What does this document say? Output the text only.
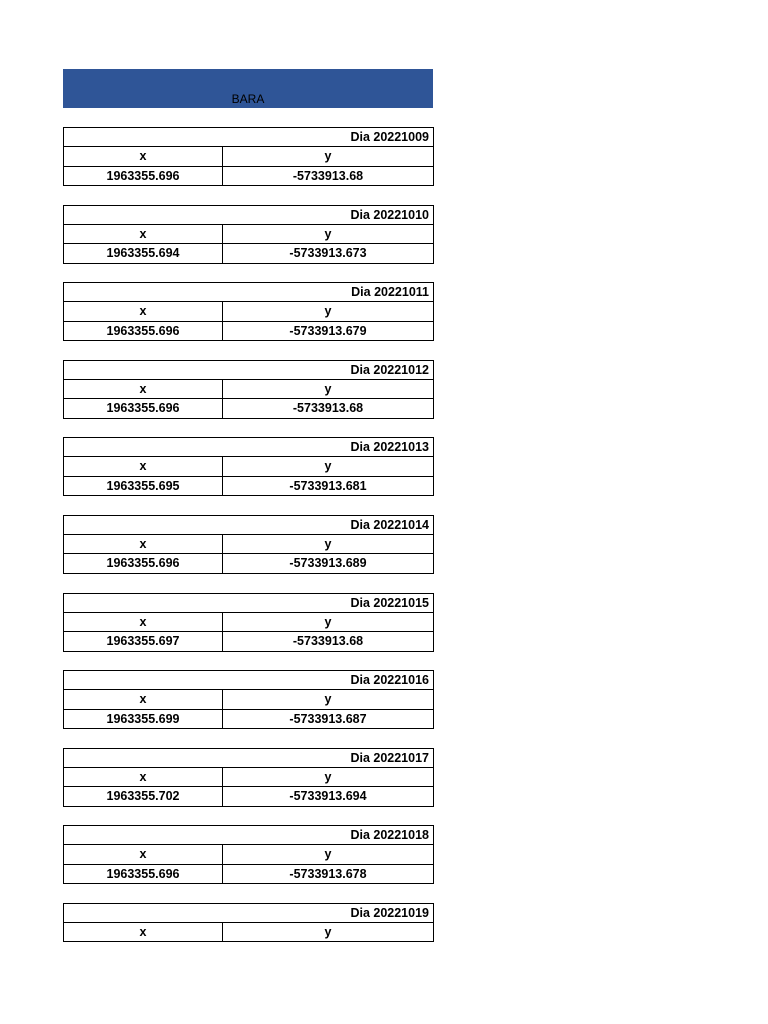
BARA
Dia 20221009
x	y
1963355.696	-5733913.68
Dia 20221010
x	y
1963355.694	-5733913.673
Dia 20221011
x	y
1963355.696	-5733913.679
Dia 20221012
x	y
1963355.696	-5733913.68
Dia 20221013
x	y
1963355.695	-5733913.681
Dia 20221014
x	y
1963355.696	-5733913.689
Dia 20221015
x	y
1963355.697	-5733913.68
Dia 20221016
x	y
1963355.699	-5733913.687
Dia 20221017
x	y
1963355.702	-5733913.694
Dia 20221018
x	y
1963355.696	-5733913.678
Dia 20221019
x	y
